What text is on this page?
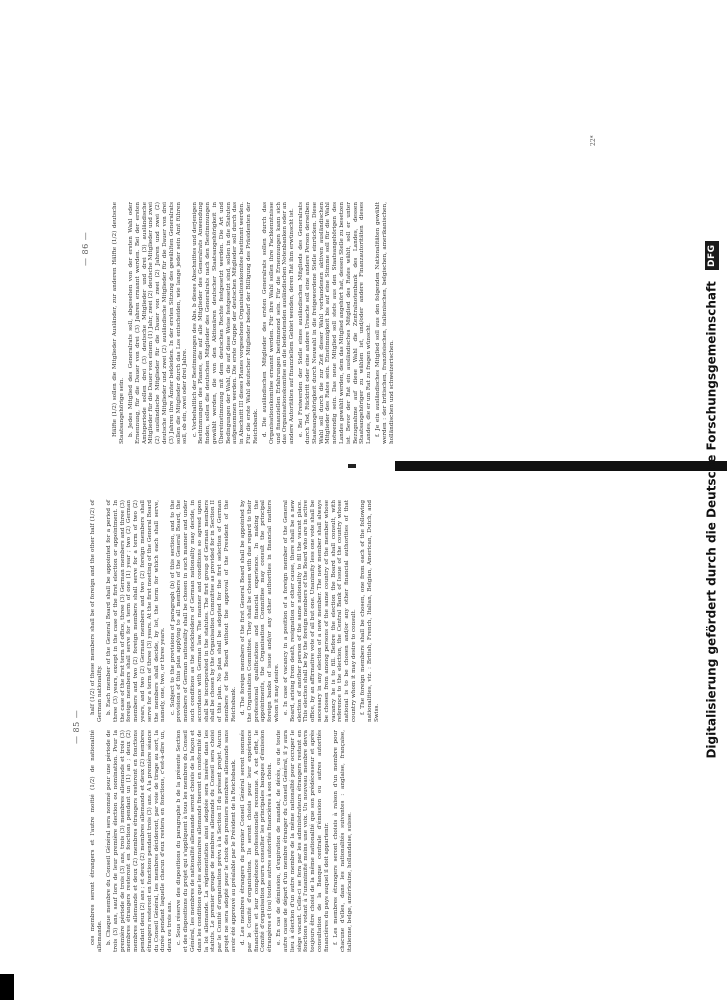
— 85 —

ces membres seront étrangers et l'autre moitié (1/2) de nationalité allemande. b. Chaque membre du Conseil Général sera nommé pour une période de trois (3) ans, sauf lors de leur première élection ou nomination. Pour la première période de trois (3) ans, trois (3) membres allemands et trois (3) membres étrangers resteront en fonctions pendant un (1) an ; deux (2) membres allemands et deux (2) membres étrangers resteront en fonctions pendant deux (2) ans ; et deux (2) membres allemands et deux (2) membres étrangers resteront en fonctions pendant trois (3) ans. A la première séance du Conseil Général, les membres décideront, par voie de tirage au sort, la durée pendant laquelle chacun d'eux restera en fonctions, c'est-à-dire un, deux ou trois ans. c. Sous réserve des dispositions du paragraphe b de la présente Section et des dispositions du projet qui s'appliquent à tous les membres du Conseil Général, les membres de nationalité allemande seront choisis de la façon et dans les conditions que les actionnaires allemands fixeront en conformité de la loi allemande. La réglementation ainsi adoptée sera insérée dans les statuts. Le premier groupe de membres allemands du Conseil sera choisi par le Comité d'organisation prévu à la Section II du présent projet. Aucun projet ne sera adopté pour le choix des premiers membres allemands sans avoir été approuvé au préalable par le Président de la Reichsbank. d. Les membres étrangers du premier Conseil Général seront nommés par le Comité d'organisation. Ils seront choisis pour leur expérience financière et leur compétence professionnelle reconnue. A cet effet, le Comité d'organisation pourra consulter les principales banques d'émission étrangères et (ou) toutes autres autorités financières à son choix. e. En cas de démission, d'expiration de mandat, de décès, ou de toute autre cause de départ d'un membre étranger du Conseil Général, il y aura lieu à élection d'un autre membre de la même nationalité pour occuper le siège vacant. Celle-ci se fera par les administrateurs étrangers restant en fonctions votant à l'unanimité moins une voix. Un nouveau membre devra toujours être choisi de la même nationalité que son prédécesseur et après consultation de la Banque centrale d'émission ou autres autorités financières du pays auquel il doit appartenir. f. Les membres étrangers seront choisis à raison d'un membre pour chacune d'elles, dans les nationalités suivantes : anglaise, française, italienne, belge, américaine, hollandaise, suisse.

half (1/2) of these members shall be of foreign and the other half (1/2) of German nationality. b. Each member of the General Board shall be appointed for a period of three (3) years, except in the case of the first election or appointment. In the case of the first term of office, three (3) German members and three (3) foreign members shall serve for a term of one (1) year ; two (2) German members and two (2) foreign members shall serve for a term of two (2) years, and two (2) German members and two (2) foreign members shall serve for a term of three (3) years. At the first meeting of the General Board the members shall decide, by lot, the term for which each shall serve, namely, one, two, or three years. c. Subject to the provisions of paragraph (b) of this section, and to the provisions of this plan applying to all members of the General Board, the members of German nationality shall be chosen in such manner and under such conditions as the stockholders of German nationality may decide, in accordance with German law. The manner and conditions so agreed upon shall be incorporated in the statutes. The first group of German members shall be chosen by the Organisation Committee as provided for in Section II of this plan. No plan shall be adopted for the first selection of German members of the Board without the approval of the President of the Reichsbank. d. The foreign members of the first General Board shall be appointed by the Organisation Committee. They shall be chosen with due regard to their professional qualifications and financial experience. In making the appointments, the Organisation Committee may consult the principal foreign banks of issue and/or any other authorities in financial matters whom it may desire. e. In case of vacancy in a position of a foreign member of the General Board, arising from death, resignation or other cause, there shall be a new election of another person of the same nationality to fill the vacant place. This election shall be by the foreign members of the Board who are in active office, by an affirmative vote of all but one. Unanimity less one vote shall be necessary in any election of a new member. The new member shall always be chosen from among persons of the same country of the member whose vacancy he is to fill. Before the election the Board shall consult, with reference to the election, the Central Bank of Issue of the country whose national is to be chosen and/or any other financial authorities of that country whom it may desire to consult. f. The foreign members shall be chosen, one from each of the following nationalities, viz. : British, French, Italian, Belgian, American, Dutch, and Swiss.

— 86 —	Hälfte (1/2) sollen die Mitglieder Ausländer, zur anderen Hälfte (1/2) deutsche Staatsangehörige sein. b. Jedes Mitglied des Generalrats soll, abgesehen von der ersten Wahl oder Ernennung, für die Dauer von drei (3) Jahren ernannt werden. Bei der ersten Amtsperiode sollen drei (3) deutsche Mitglieder und drei (3) ausländische Mitglieder für die Dauer von einem (1) Jahr, zwei (2) deutsche Mitglieder und zwei (2) ausländische Mitglieder für die Dauer von zwei (2) Jahren und zwei (2) deutsche Mitglieder und zwei (2) ausländische Mitglieder für die Dauer von drei (3) Jahren ihre Ämter bekleiden. In der ersten Sitzung des gewählten Generalrats sollen die Mitglieder durch das Los entscheiden, wie lange jeder sein Amt führen soll, ob ein, zwei oder drei Jahre. c. Vorbehaltlich der Bestimmungen des Abs. b dieses Abschnittes und derjenigen Bestimmungen des Planes, die auf alle Mitglieder des Generalrats Anwendung finden, sollen die deutschen Mitglieder des Generalrats nach den Bestimmungen gewählt werden, die von den Aktionären deutscher Staatsangehörigkeit in Übereinstimmung mit dem deutschen Rechte festgesetzt werden. Die Art und Bedingungen der Wahl, die auf diese Weise festgesetzt sind, sollen in die Statuten aufgenommen werden. Die erste Gruppe der deutschen Mitglieder soll durch das in Abschnitt III dieses Planes vorgesehene Organisationskomitee bestimmt werden. Für die erste Wahl deutscher Mitglieder bedarf der Billigung des Präsidenten der Reichsbank. d. Die ausländischen Mitglieder des ersten Generalrats sollen durch das Organisationskomitee ernannt werden. Für ihre Wahl sollen ihre Fachkenntnisse und finanziellen Erfahrungen bestimmend sein. Für die Ernennungen kann sich das Organisationskomitee an die bedeutenden ausländischen Notenbanken oder an andere Autoritäten auf finanziellem Gebiet wenden, deren Rat ihm erwünscht ist. e. Bei Freiwerden der Stelle eines ausländischen Mitglieds des Generalrats durch Tod, Rücktritt oder eine andere Ursache soll eine andere Person derselben Staatsangehörigkeit durch Neuwahl in die freigewordene Stelle einrücken. Diese Wahl soll durch die zur Zeit dieser Wahl vorhandenen aktiven ausländischen Mitglieder des Rates sein. Einstimmigkeit bis auf eine Stimme soll für die Wahl notwendig sein. Das neue Mitglied soll stets aus den Staatsangehörigen des Landes gewählt werden, dem das Mitglied angehört hat, dessen Stelle zu besetzen ist. Bevor der Rat ein ausländisches Mitglied des Rates wählt, soll er unter Bezugnahme auf diese Wahl die Zentralnotenbank des Landes, dessen Staatsangehöriger zu wählen ist, und/oder andere Finanzautoritäten dieses Landes, die er um Rat zu fragen wünscht. f. Je ein ausländisches Mitglied soll aus den folgenden Nationalitäten gewählt werden : der britischen, französischen, italienischen, belgischen, amerikanischen, holländischen und schweizerischen.

22*
Digitalisierung gefördert durch die Deutsche Forschungsgemeinschaft DFG
